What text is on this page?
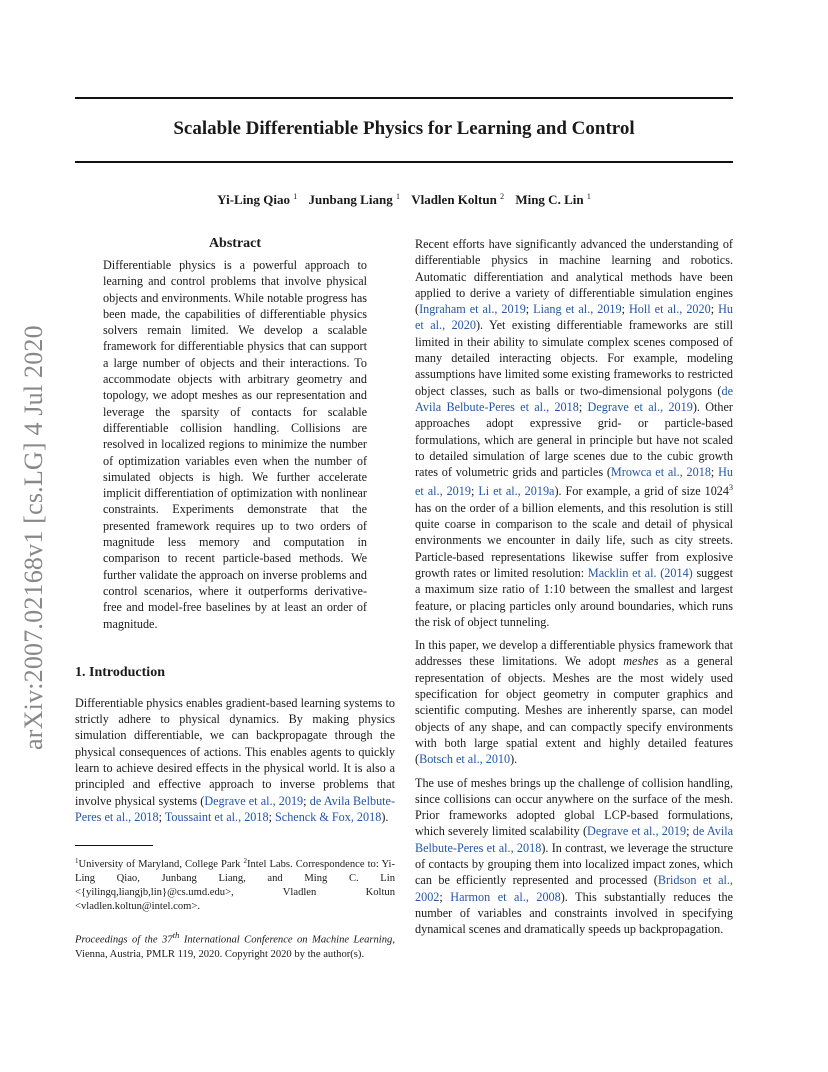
Scalable Differentiable Physics for Learning and Control
Yi-Ling Qiao $^1$ Junbang Liang $^1$ Vladlen Koltun $^2$ Ming C. Lin $^1$
arXiv:2007.02168v1 [cs.LG] 4 Jul 2020
Abstract

Differentiable physics is a powerful approach to learning and control problems that involve physical objects and environments. While notable progress has been made, the capabilities of differentiable physics solvers remain limited. We develop a scalable framework for differentiable physics that can support a large number of objects and their interactions. To accommodate objects with arbitrary geometry and topology, we adopt meshes as our representation and leverage the sparsity of contacts for scalable differentiable collision handling. Collisions are resolved in localized regions to minimize the number of optimization variables even when the number of simulated objects is high. We further accelerate implicit differentiation of optimization with nonlinear constraints. Experiments demonstrate that the presented framework requires up to two orders of magnitude less memory and computation in comparison to recent particle-based methods. We further validate the approach on inverse problems and control scenarios, where it outperforms derivative-free and model-free baselines by at least an order of magnitude.

1. Introduction

Differentiable physics enables gradient-based learning systems to strictly adhere to physical dynamics. By making physics simulation differentiable, we can backpropagate through the physical consequences of actions. This enables agents to quickly learn to achieve desired effects in the physical world. It is also a principled and effective approach to inverse problems that involve physical systems (Degrave et al., 2019; de Avila Belbute-Peres et al., 2018; Toussaint et al., 2018; Schenck & Fox, 2018).

$^1$University of Maryland, College Park $^2$Intel Labs. Correspondence to: Yi-Ling Qiao, Junbang Liang, and Ming C. Lin <{yilingq,liangjb,lin}@cs.umd.edu>, Vladlen Koltun <vladlen.koltun@intel.com>.
Proceedings of the 37th International Conference on Machine Learning, Vienna, Austria, PMLR 119, 2020. Copyright 2020 by the author(s).

Recent efforts have significantly advanced the understanding of differentiable physics in machine learning and robotics. Automatic differentiation and analytical methods have been applied to derive a variety of differentiable simulation engines (Ingraham et al., 2019; Liang et al., 2019; Holl et al., 2020; Hu et al., 2020). Yet existing differentiable frameworks are still limited in their ability to simulate complex scenes composed of many detailed interacting objects. For example, modeling assumptions have limited some existing frameworks to restricted object classes, such as balls or two-dimensional polygons (de Avila Belbute-Peres et al., 2018; Degrave et al., 2019). Other approaches adopt expressive grid- or particle-based formulations, which are general in principle but have not scaled to detailed simulation of large scenes due to the cubic growth rates of volumetric grids and particles (Mrowca et al., 2018; Hu et al., 2019; Li et al., 2019a). For example, a grid of size 1024$^3$ has on the order of a billion elements, and this resolution is still quite coarse in comparison to the scale and detail of physical environments we encounter in daily life, such as city streets. Particle-based representations likewise suffer from explosive growth rates or limited resolution: Macklin et al. (2014) suggest a maximum size ratio of 1:10 between the smallest and largest feature, or placing particles only around boundaries, which runs the risk of object tunneling.

In this paper, we develop a differentiable physics framework that addresses these limitations. We adopt meshes as a general representation of objects. Meshes are the most widely used specification for object geometry in computer graphics and scientific computing. Meshes are inherently sparse, can model objects of any shape, and can compactly specify environments with both large spatial extent and highly detailed features (Botsch et al., 2010).

The use of meshes brings up the challenge of collision handling, since collisions can occur anywhere on the surface of the mesh. Prior frameworks adopted global LCP-based formulations, which severely limited scalability (Degrave et al., 2019; de Avila Belbute-Peres et al., 2018). In contrast, we leverage the structure of contacts by grouping them into localized impact zones, which can be efficiently represented and processed (Bridson et al., 2002; Harmon et al., 2008). This substantially reduces the number of variables and constraints involved in specifying dynamical scenes and dramatically speeds up backpropagation.
